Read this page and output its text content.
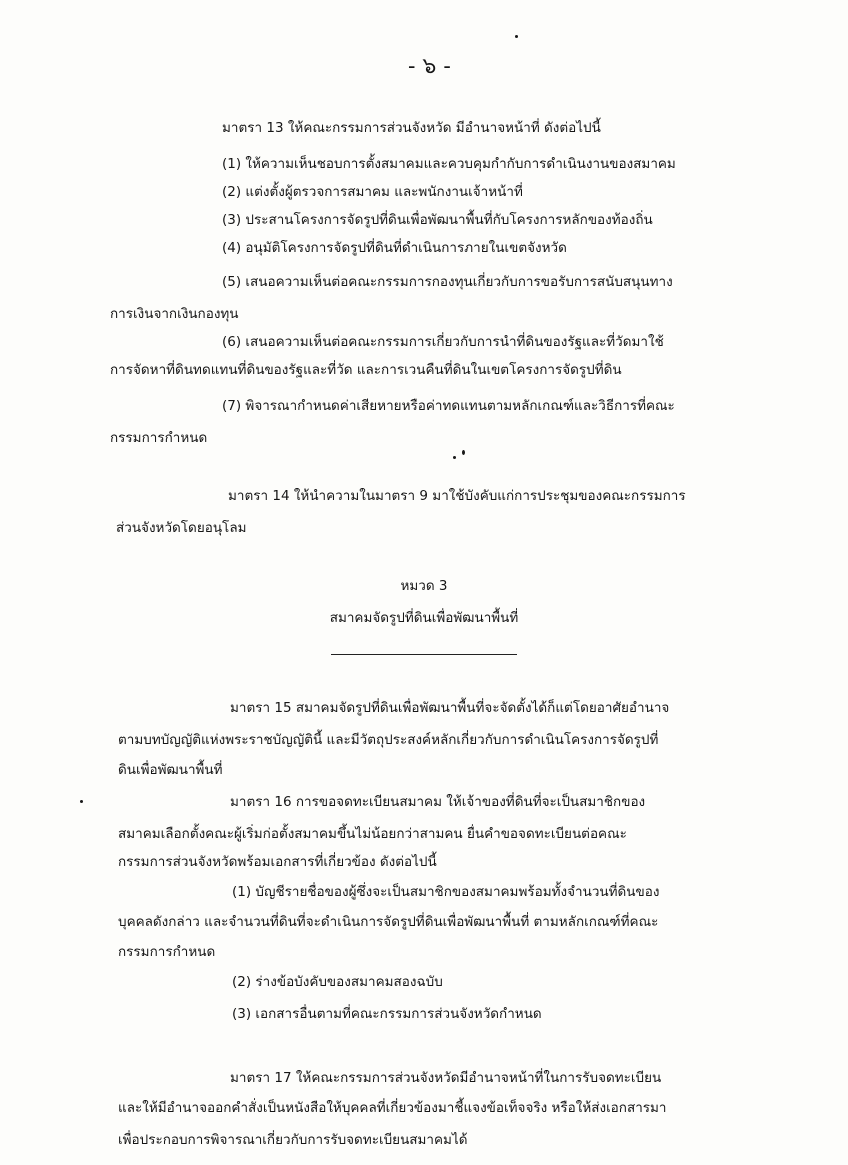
- ๖ -
มาตรา 13 ให้คณะกรรมการส่วนจังหวัด มีอำนาจหน้าที่ ดังต่อไปนี้
(1) ให้ความเห็นชอบการตั้งสมาคมและควบคุมกำกับการดำเนินงานของสมาคม
(2) แต่งตั้งผู้ตรวจการสมาคม และพนักงานเจ้าหน้าที่
(3) ประสานโครงการจัดรูปที่ดินเพื่อพัฒนาพื้นที่กับโครงการหลักของท้องถิ่น
(4) อนุมัติโครงการจัดรูปที่ดินที่ดำเนินการภายในเขตจังหวัด
(5) เสนอความเห็นต่อคณะกรรมการกองทุนเกี่ยวกับการขอรับการสนับสนุนทาง
การเงินจากเงินกองทุน
(6) เสนอความเห็นต่อคณะกรรมการเกี่ยวกับการนำที่ดินของรัฐและที่วัดมาใช้
การจัดหาที่ดินทดแทนที่ดินของรัฐและที่วัด และการเวนคืนที่ดินในเขตโครงการจัดรูปที่ดิน
(7) พิจารณากำหนดค่าเสียหายหรือค่าทดแทนตามหลักเกณฑ์และวิธีการที่คณะ
กรรมการกำหนด
มาตรา 14 ให้นำความในมาตรา 9 มาใช้บังคับแก่การประชุมของคณะกรรมการ
ส่วนจังหวัดโดยอนุโลม
หมวด 3
สมาคมจัดรูปที่ดินเพื่อพัฒนาพื้นที่
มาตรา 15 สมาคมจัดรูปที่ดินเพื่อพัฒนาพื้นที่จะจัดตั้งได้ก็แต่โดยอาศัยอำนาจ
ตามบทบัญญัติแห่งพระราชบัญญัตินี้ และมีวัตถุประสงค์หลักเกี่ยวกับการดำเนินโครงการจัดรูปที่
ดินเพื่อพัฒนาพื้นที่
มาตรา 16 การขอจดทะเบียนสมาคม ให้เจ้าของที่ดินที่จะเป็นสมาชิกของ
สมาคมเลือกตั้งคณะผู้เริ่มก่อตั้งสมาคมขึ้นไม่น้อยกว่าสามคน ยื่นคำขอจดทะเบียนต่อคณะ
กรรมการส่วนจังหวัดพร้อมเอกสารที่เกี่ยวข้อง ดังต่อไปนี้
(1) บัญชีรายชื่อของผู้ซึ่งจะเป็นสมาชิกของสมาคมพร้อมทั้งจำนวนที่ดินของ
บุคคลดังกล่าว และจำนวนที่ดินที่จะดำเนินการจัดรูปที่ดินเพื่อพัฒนาพื้นที่ ตามหลักเกณฑ์ที่คณะ
กรรมการกำหนด
(2) ร่างข้อบังคับของสมาคมสองฉบับ
(3) เอกสารอื่นตามที่คณะกรรมการส่วนจังหวัดกำหนด
มาตรา 17 ให้คณะกรรมการส่วนจังหวัดมีอำนาจหน้าที่ในการรับจดทะเบียน
และให้มีอำนาจออกคำสั่งเป็นหนังสือให้บุคคลที่เกี่ยวข้องมาชี้แจงข้อเท็จจริง หรือให้ส่งเอกสารมา
เพื่อประกอบการพิจารณาเกี่ยวกับการรับจดทะเบียนสมาคมได้
